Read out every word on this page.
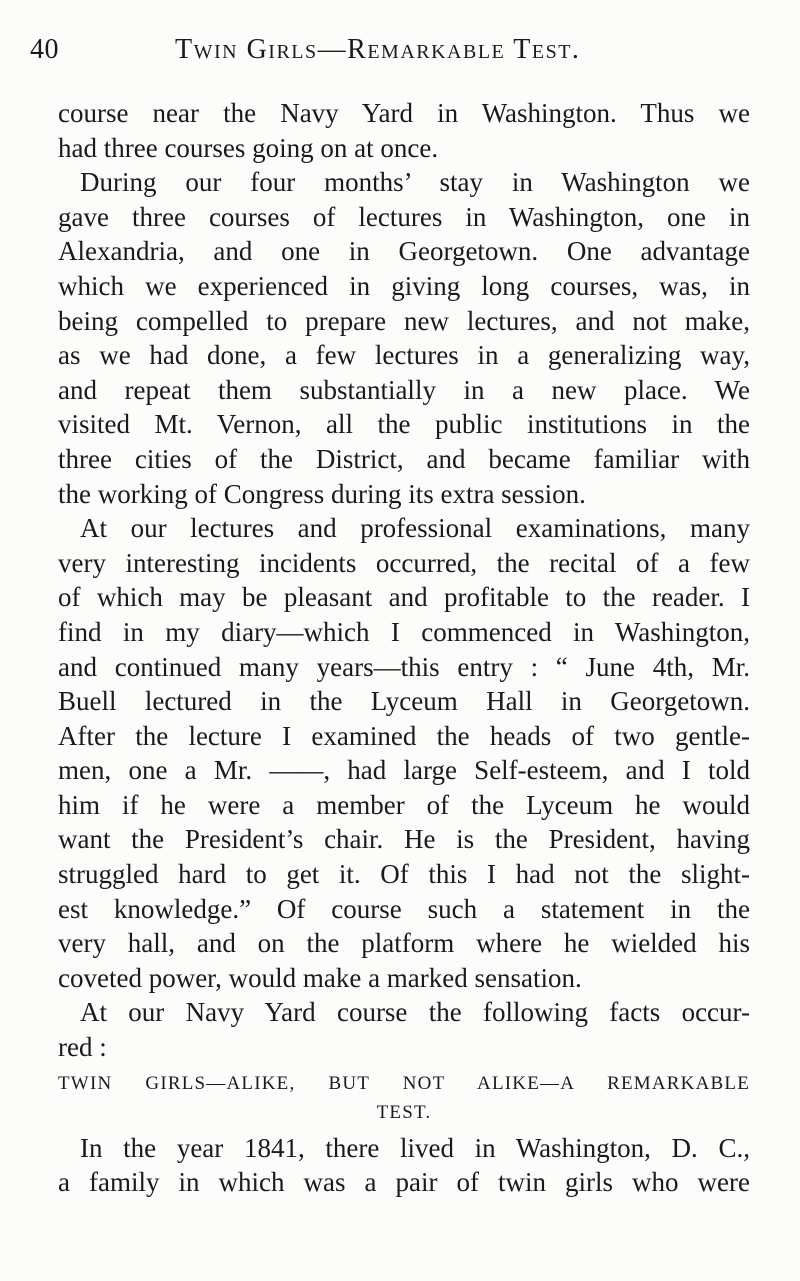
40	Twin Girls—Remarkable Test.
course near the Navy Yard in Washington. Thus we
had three courses going on at once.
During our four months’ stay in Washington we
gave three courses of lectures in Washington, one in
Alexandria, and one in Georgetown. One advantage
which we experienced in giving long courses, was, in
being compelled to prepare new lectures, and not make,
as we had done, a few lectures in a generalizing way,
and repeat them substantially in a new place. We
visited Mt. Vernon, all the public institutions in the
three cities of the District, and became familiar with
the working of Congress during its extra session.
At our lectures and professional examinations, many
very interesting incidents occurred, the recital of a few
of which may be pleasant and profitable to the reader. I
find in my diary—which I commenced in Washington,
and continued many years—this entry : “ June 4th, Mr.
Buell lectured in the Lyceum Hall in Georgetown.
After the lecture I examined the heads of two gentle-
men, one a Mr. ——, had large Self-esteem, and I told
him if he were a member of the Lyceum he would
want the President’s chair. He is the President, having
struggled hard to get it. Of this I had not the slight-
est knowledge.” Of course such a statement in the
very hall, and on the platform where he wielded his
coveted power, would make a marked sensation.
At our Navy Yard course the following facts occur-
red :
TWIN GIRLS—ALIKE, BUT NOT ALIKE—A REMARKABLE
TEST.
In the year 1841, there lived in Washington, D. C.,
a family in which was a pair of twin girls who were
